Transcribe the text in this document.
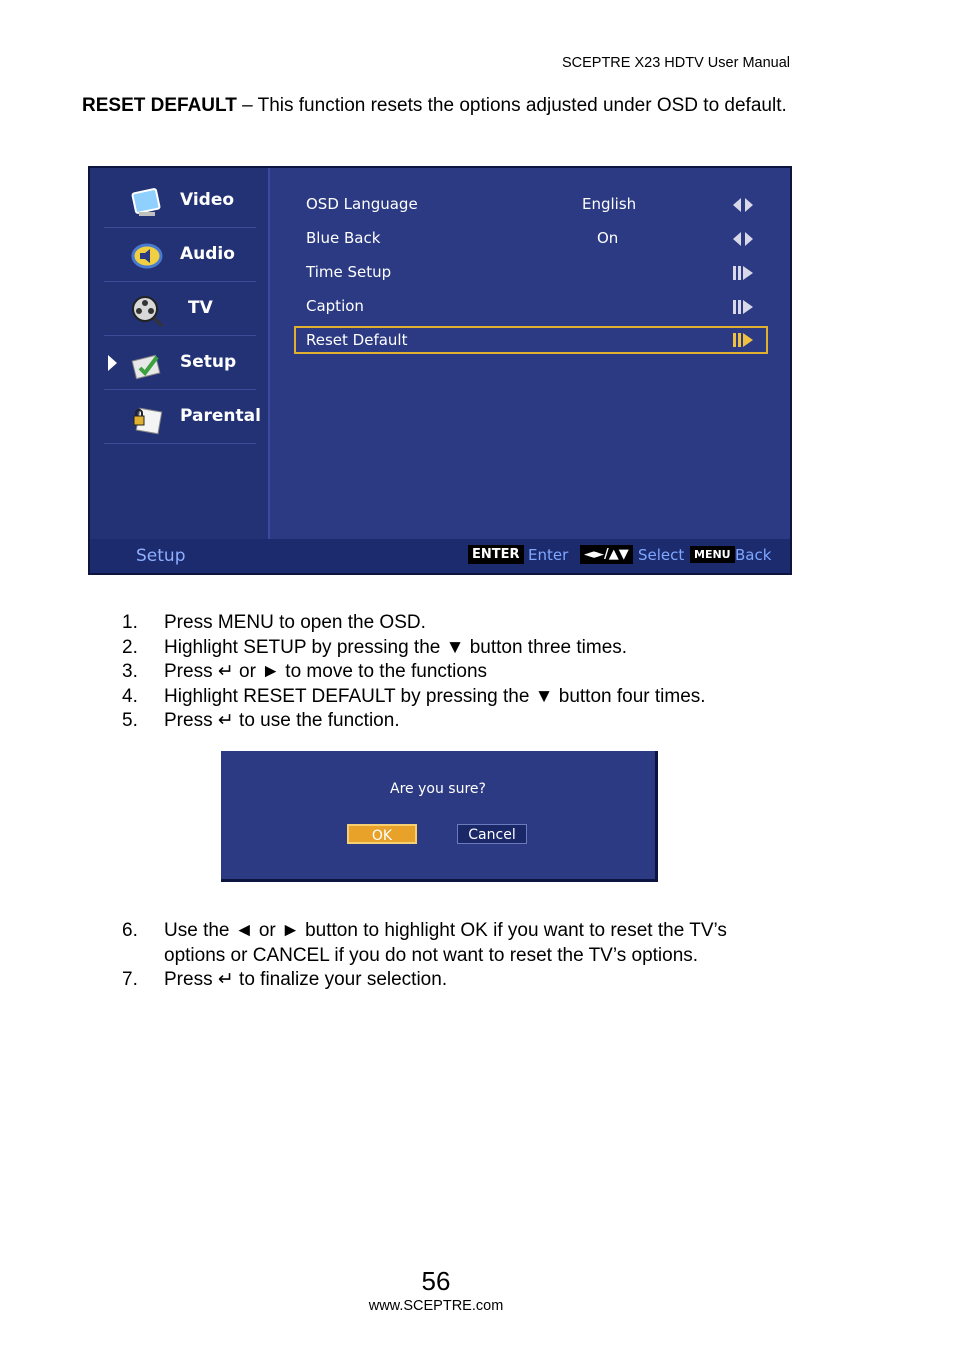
SCEPTRE X23 HDTV User Manual
RESET DEFAULT – This function resets the options adjusted under OSD to default.
Video
Audio
TV
Setup
Parental
OSD Language	English
Blue Back	On
Time Setup
Caption
Reset Default
Setup	ENTER Enter	◄►/▲▼ Select MENU Back
1. Press MENU to open the OSD.
2. Highlight SETUP by pressing the ▼ button three times.
3. Press ↵ or ► to move to the functions
4. Highlight RESET DEFAULT by pressing the ▼ button four times.
5. Press ↵ to use the function.
Are you sure?
OK	Cancel
6. Use the ◄ or ► button to highlight OK if you want to reset the TV’s options or CANCEL if you do not want to reset the TV’s options.
7. Press ↵ to finalize your selection.
56
www.SCEPTRE.com
